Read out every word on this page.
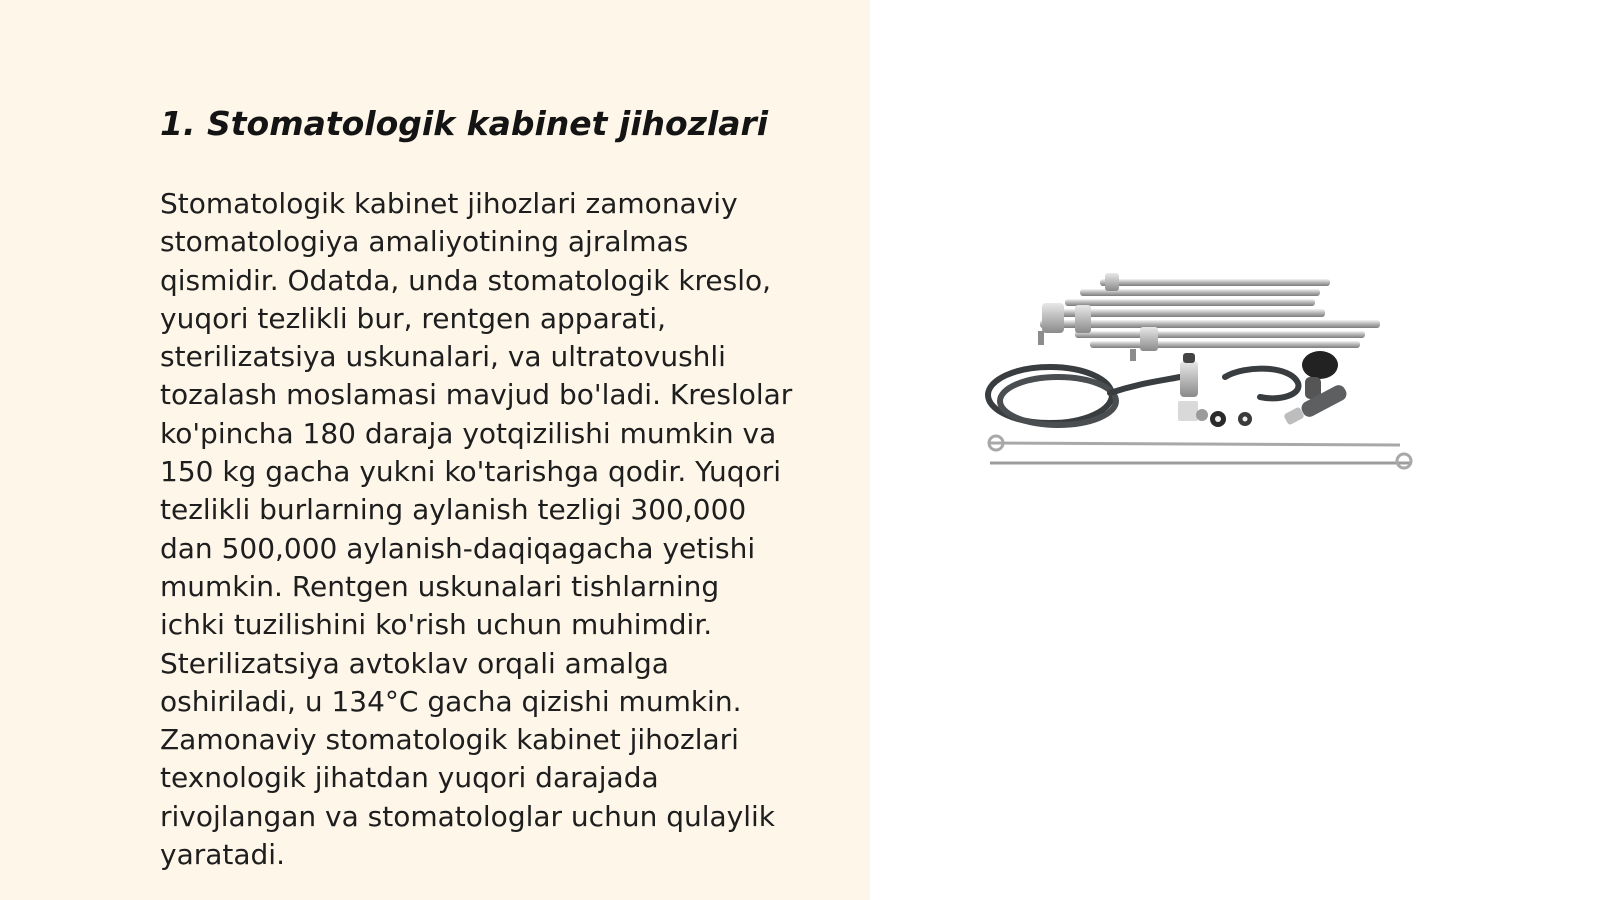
1. Stomatologik kabinet jihozlari

Stomatologik kabinet jihozlari zamonaviy
stomatologiya amaliyotining ajralmas
qismidir. Odatda, unda stomatologik kreslo,
yuqori tezlikli bur, rentgen apparati,
sterilizatsiya uskunalari, va ultratovushli
tozalash moslamasi mavjud bo'ladi. Kreslolar
ko'pincha 180 daraja yotqizilishi mumkin va
150 kg gacha yukni ko'tarishga qodir. Yuqori
tezlikli burlarning aylanish tezligi 300,000
dan 500,000 aylanish-daqiqagacha yetishi
mumkin. Rentgen uskunalari tishlarning
ichki tuzilishini ko'rish uchun muhimdir.
Sterilizatsiya avtoklav orqali amalga
oshiriladi, u 134°C gacha qizishi mumkin.
Zamonaviy stomatologik kabinet jihozlari
texnologik jihatdan yuqori darajada
rivojlangan va stomatologlar uchun qulaylik
yaratadi.
